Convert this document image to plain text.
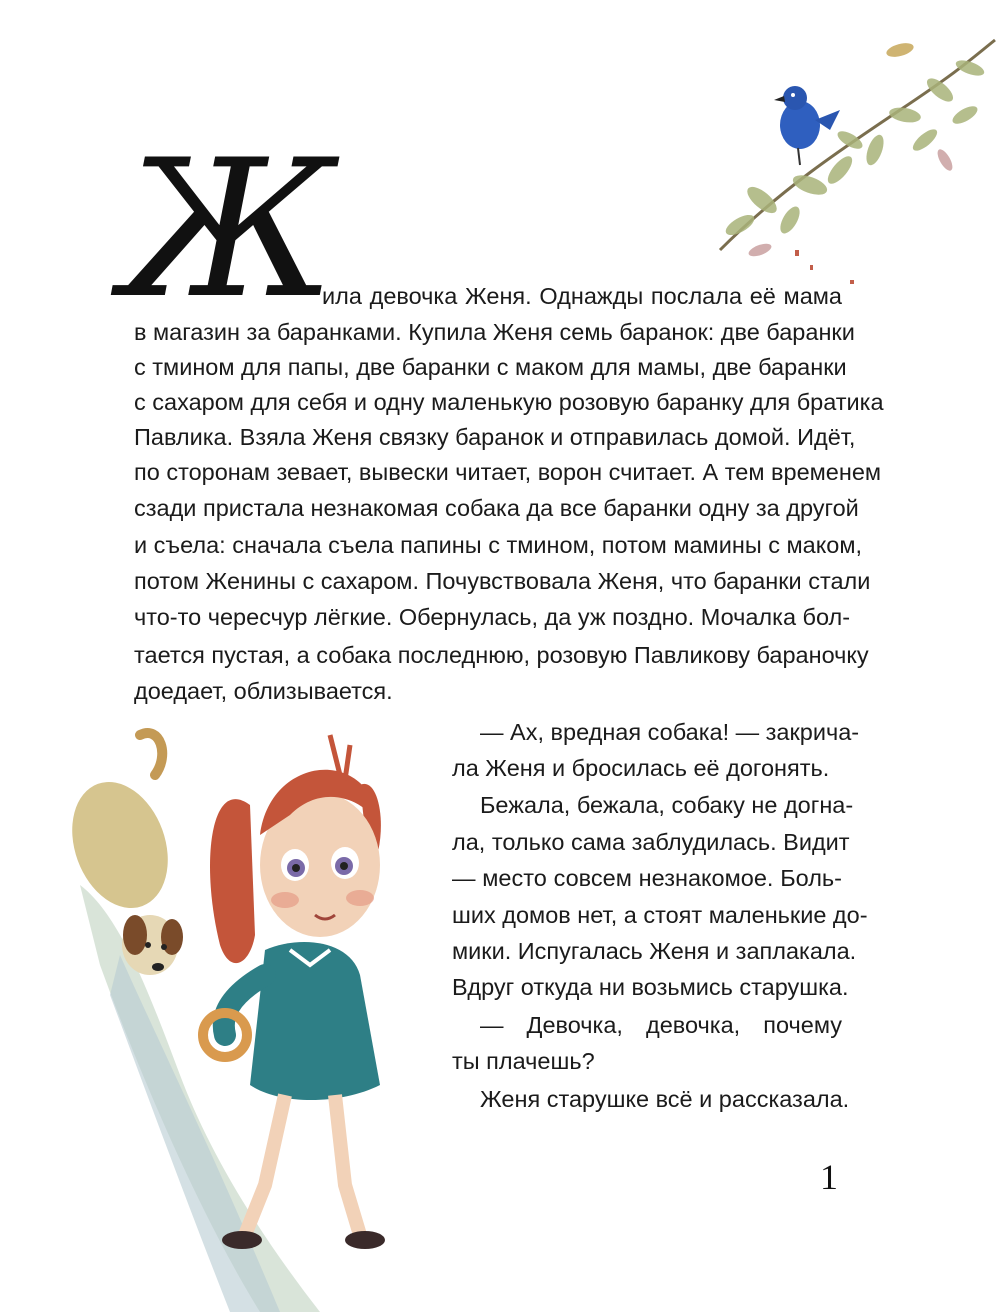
Ж
ила девочка Женя. Однажды послала её мама
в магазин за баранками. Купила Женя семь баранок: две баранки
с тмином для папы, две баранки с маком для мамы, две баранки
с сахаром для себя и одну маленькую розовую баранку для братика
Павлика. Взяла Женя связку баранок и отправилась домой. Идёт,
по сторонам зевает, вывески читает, ворон считает. А тем временем
сзади пристала незнакомая собака да все баранки одну за другой
и съела: сначала съела папины с тмином, потом мамины с маком,
потом Женины с сахаром. Почувствовала Женя, что баранки стали
что-то чересчур лёгкие. Обернулась, да уж поздно. Мочалка бол-
тается пустая, а собака последнюю, розовую Павликову бараночку
доедает, облизывается.
— Ах, вредная собака! — закрича-
ла Женя и бросилась её догонять.
Бежала, бежала, собаку не догна-
ла, только сама заблудилась. Видит
— место совсем незнакомое. Боль-
ших домов нет, а стоят маленькие до-
мики. Испугалась Женя и заплакала.
Вдруг откуда ни возьмись старушка.
— Девочка, девочка, почему
ты плачешь?
Женя старушке всё и рассказала.
1
